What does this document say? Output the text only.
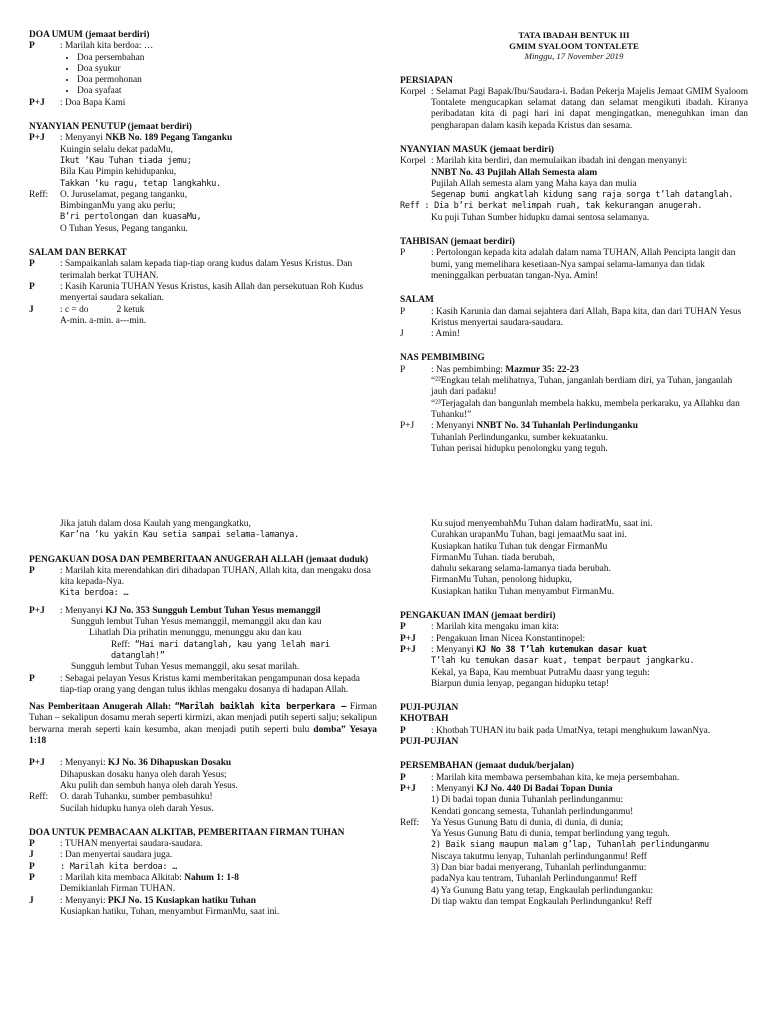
TATA IBADAH BENTUK III
GMIM SYALOOM TONTALETE
Minggu, 17 November 2019
PERSIAPAN
Korpel : Selamat Pagi Bapak/Ibu/Saudara-i. Badan Pekerja Majelis Jemaat GMIM Syaloom Tontalete mengucapkan selamat datang dan selamat mengikuti ibadah. Kiranya peribadatan kita di pagi hari ini dapat mengingatkan, meneguhkan iman dan pengharapan dalam kasih kepada Kristus dan sesama.
NYANYIAN MASUK (jemaat berdiri)
Korpel : Marilah kita berdiri, dan memulaikan ibadah ini dengan menyanyi:
NNBT No. 43 Pujilah Allah Semesta alam
Pujilah Allah semesta alam yang Maha kaya dan mulia
Segenap bumi angkatlah kidung sang raja sorga t’lah datanglah.
Reff : Dia b’ri berkat melimpah ruah, tak kekurangan anugerah.
Ku puji Tuhan Sumber hidupku damai sentosa selamanya.
TAHBISAN (jemaat berdiri)
P	: Pertolongan kepada kita adalah dalam nama TUHAN, Allah Pencipta langit dan bumi, yang memelihara kesetiaan-Nya sampai selama-lamanya dan tidak meninggalkan perbuatan tangan-Nya. Amin!
SALAM
P	: Kasih Karunia dan damai sejahtera dari Allah, Bapa kita, dan dari TUHAN Yesus Kristus menyertai saudara-saudara.
J	: Amin!
NAS PEMBIMBING
P	: Nas pembimbing: Mazmur 35: 22-23
“²²Engkau telah melihatnya, Tuhan, janganlah berdiam diri, ya Tuhan, janganlah jauh dari padaku!
“²³Terjagalah dan bangunlah membela hakku, membela perkaraku, ya Allahku dan Tuhanku!”
P+J	: Menyanyi NNBT No. 34 Tuhanlah Perlindunganku
Tuhanlah Perlindunganku, sumber kekuatanku.
Tuhan perisai hidupku penolongku yang teguh.
DOA UMUM (jemaat berdiri)
P	: Marilah kita berdoa: …
• Doa persembahan
• Doa syukur
• Doa permohonan
• Doa syafaat
P+J	: Doa Bapa Kami
NYANYIAN PENUTUP (jemaat berdiri)
P+J	: Menyanyi NKB No. 189 Pegang Tanganku
Kuingin selalu dekat padaMu,
Ikut ‘Kau Tuhan tiada jemu;
Bila Kau Pimpin kehidupanku,
Takkan ‘ku ragu, tetap langkahku.
Reff:	O. Juruselamat, pegang tanganku,
BimbinganMu yang aku perlu;
B’ri pertolongan dan kuasaMu,
O Tuhan Yesus, Pegang tanganku.
SALAM DAN BERKAT
P	: Sampaikanlah salam kepada tiap-tiap orang kudus dalam Yesus Kristus. Dan terimalah berkat TUHAN.
P	: Kasih Karunia TUHAN Yesus Kristus, kasih Allah dan persekutuan Roh Kudus menyertai saudara sekalian.
J	: c = do            2 ketuk
A-min. a-min. a---min.
Jika jatuh dalam dosa Kaulah yang mengangkatku,
Kar’na ‘ku yakin Kau setia sampai selama-lamanya.
PENGAKUAN DOSA DAN PEMBERITAAN ANUGERAH ALLAH (jemaat duduk)
P	: Marilah kita merendahkan diri dihadapan TUHAN, Allah kita, dan mengaku dosa kita kepada-Nya.
Kita berdoa: …
P+J	: Menyanyi KJ No. 353 Sungguh Lembut Tuhan Yesus memanggil
Sungguh lembut Tuhan Yesus memanggil, memanggil aku dan kau
Lihatlah Dia prihatin menunggu, menunggu aku dan kau
Reff: “Hai mari datanglah, kau yang lelah mari datanglah!”
Sungguh lembut Tuhan Yesus memanggil, aku sesat marilah.
P	: Sebagai pelayan Yesus Kristus kami memberitakan pengampunan dosa kepada tiap-tiap orang yang dengan tulus ikhlas mengaku dosanya di hadapan Allah.
Nas Pemberitaan Anugerah Allah: “Marilah baiklah kita berperkara – Firman Tuhan – sekalipun dosamu merah seperti kirmizi, akan menjadi putih seperti salju; sekalipun berwarna merah seperti kain kesumba, akan menjadi putih seperti bulu domba” Yesaya 1:18
P+J	: Menyanyi: KJ No. 36 Dihapuskan Dosaku
Dihapuskan dosaku hanya oleh darah Yesus;
Aku pulih dan sembuh hanya oleh darah Yesus.
Reff:	O. darah Tuhanku, sumber pembasuhku!
Sucilah hidupku hanya oleh darah Yesus.
DOA UNTUK PEMBACAAN ALKITAB, PEMBERITAAN FIRMAN TUHAN
P	: TUHAN menyertai saudara-saudara.
J	: Dan menyertai saudara juga.
P	: Marilah kita berdoa: …
P	: Marilah kita membaca Alkitab: Nahum 1: 1-8
Demikianlah Firman TUHAN.
J	: Menyanyi: PKJ No. 15 Kusiapkan hatiku Tuhan
Kusiapkan hatiku, Tuhan, menyambut FirmanMu, saat ini.
Ku sujud menyembahMu Tuhan dalam hadiratMu, saat ini.
Curahkan urapanMu Tuhan, bagi jemaatMu saat ini.
Kusiapkan hatiku Tuhan tuk dengar FirmanMu
FirmanMu Tuhan. tiada berubah,
dahulu sekarang selama-lamanya tiada berubah.
FirmanMu Tuhan, penolong hidupku,
Kusiapkan hatiku Tuhan menyambut FirmanMu.
PENGAKUAN IMAN (jemaat berdiri)
P	: Marilah kita mengaku iman kita:
P+J	: Pengakuan Iman Nicea Konstantinopel:
P+J	: Menyanyi KJ No 38 T’lah kutemukan dasar kuat
T’lah ku temukan dasar kuat, tempat berpaut jangkarku.
Kekal, ya Bapa, Kau membuat PutraMu daasr yang teguh:
Biarpun dunia lenyap, pegangan hidupku tetap!
PUJI-PUJIAN
KHOTBAH
P	: Khotbah TUHAN itu baik pada UmatNya, tetapi menghukum lawanNya.
PUJI-PUJIAN
PERSEMBAHAN (jemaat duduk/berjalan)
P	: Marilah kita membawa persembahan kita, ke meja persembahan.
P+J	: Menyanyi KJ No. 440 Di Badai Topan Dunia
1) Di badai topan dunia Tuhanlah perlindunganmu:
Kendati goncang semesta, Tuhanlah perlindunganmu!
Reff:	Ya Yesus Gunung Batu di dunia, di dunia, di dunia;
Ya Yesus Gunung Batu di dunia, tempat berlindung yang teguh.
2) Baik siang maupun malam g’lap, Tuhanlah perlindunganmu
Niscaya takutmu lenyap, Tuhanlah perlindunganmu! Reff
3) Dan biar badai menyerang, Tuhanlah perlindunganmu:
padaNya kau tentram, Tuhanlah Perlindunganmu! Reff
4) Ya Gunung Batu yang tetap, Engkaulah perlindunganku:
Di tiap waktu dan tempat Engkaulah Perlindunganku! Reff
